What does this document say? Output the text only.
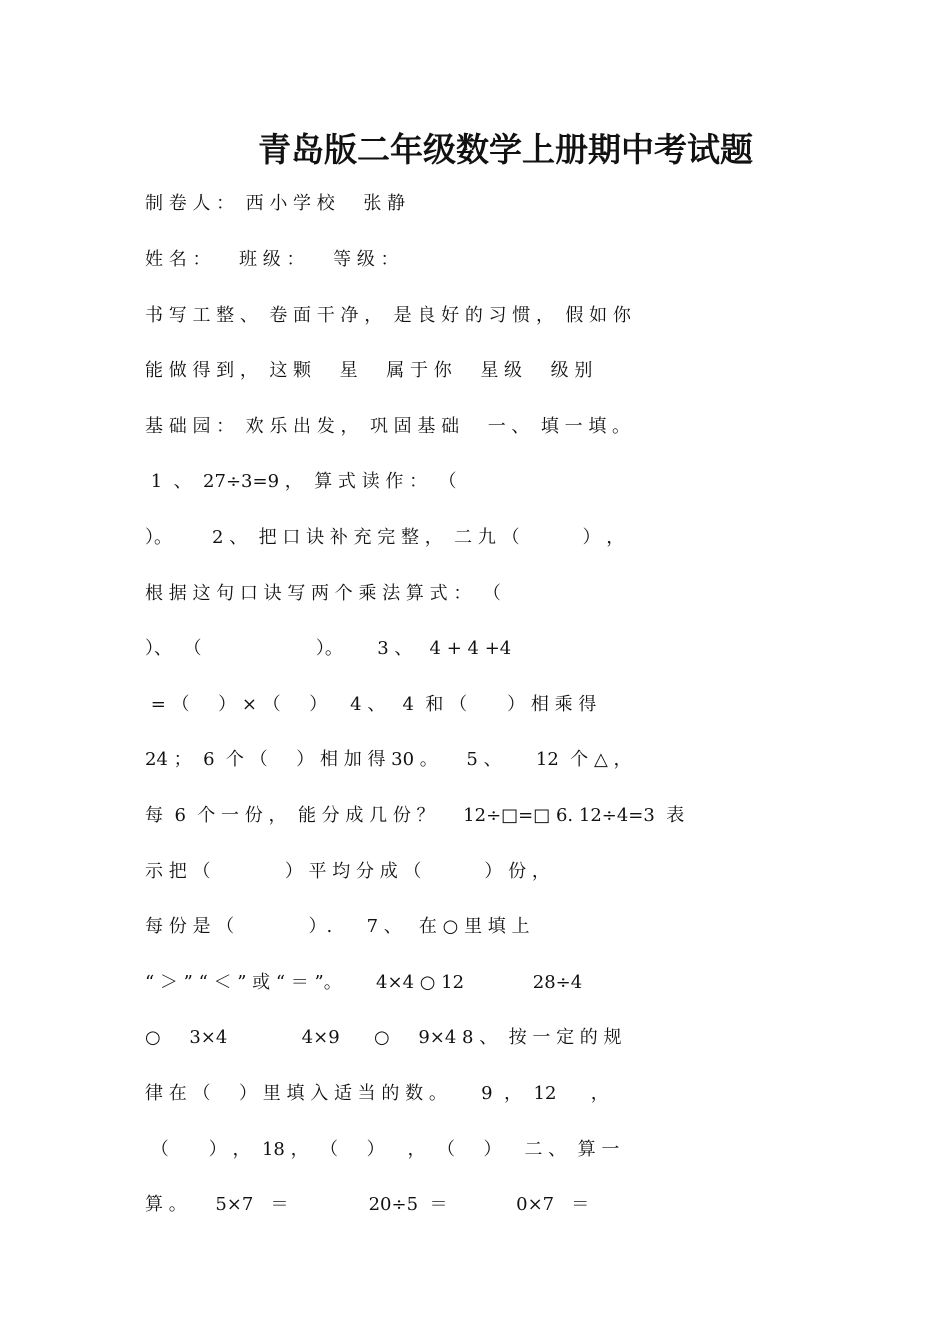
青岛版二年级数学上册期中考试题
制 卷 人 ：  西 小 学 校     张 静
姓 名 ：     班 级 ：     等 级 ：
书 写 工 整 、  卷 面 干 净 ，  是 良 好 的 习 惯 ，  假 如 你
能 做 得 到 ，  这 颗     星     属 于 你     星 级     级 别
基 础 园 ：  欢 乐 出 发 ，  巩 固 基 础     一 、  填 一 填 。
1  、  27÷3=9 ，  算 式 读 作 ：  （
）。       2 、  把 口 诀 补 充 完 整 ，  二 九 （           ） ，
根 据 这 句 口 诀 写 两 个 乘 法 算 式 ：  （
）、  （                    ）。      3 、   4 + 4 +4
= （     ） × （     ）    4 、   4  和 （       ） 相 乘 得
24 ；  6  个 （     ） 相 加 得 30 。     5 、      12  个 △ ，
每  6  个 一 份 ，  能 分 成 几 份 ？     12÷□=□ 6. 12÷4=3  表
示 把 （             ） 平 均 分 成 （           ） 份 ，
每 份 是 （             ）.      7 、   在 ○ 里 填 上
“ ＞ ” “ ＜ ” 或 “ ＝ ”。      4×4 ○ 12            28÷4
○     3×4             4×9      ○     9×4 8 、  按 一 定 的 规
律 在 （     ） 里 填 入 适 当 的 数 。      9  ，  12      ，
（       ） ，  18 ，  （     ）    ，  （     ）    二 、  算 一
算 。     5×7   ＝              20÷5  ＝            0×7   ＝
